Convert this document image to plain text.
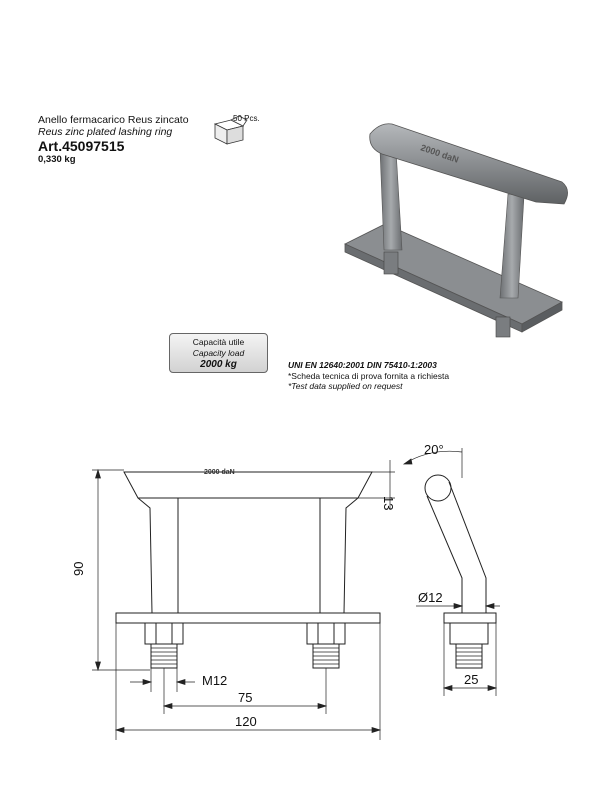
Anello fermacarico Reus zincato
Reus zinc plated lashing ring
Art.45097515
0,330 kg
50 Pcs.
2000 daN
Capacità utile
Capacity load
2000 kg	UNI EN 12640:2001 DIN 75410-1:2003
*Scheda tecnica di prova fornita a richiesta
*Test data supplied on request
2000 daN
90
13
M12
75
120
25
Ø12
20°
